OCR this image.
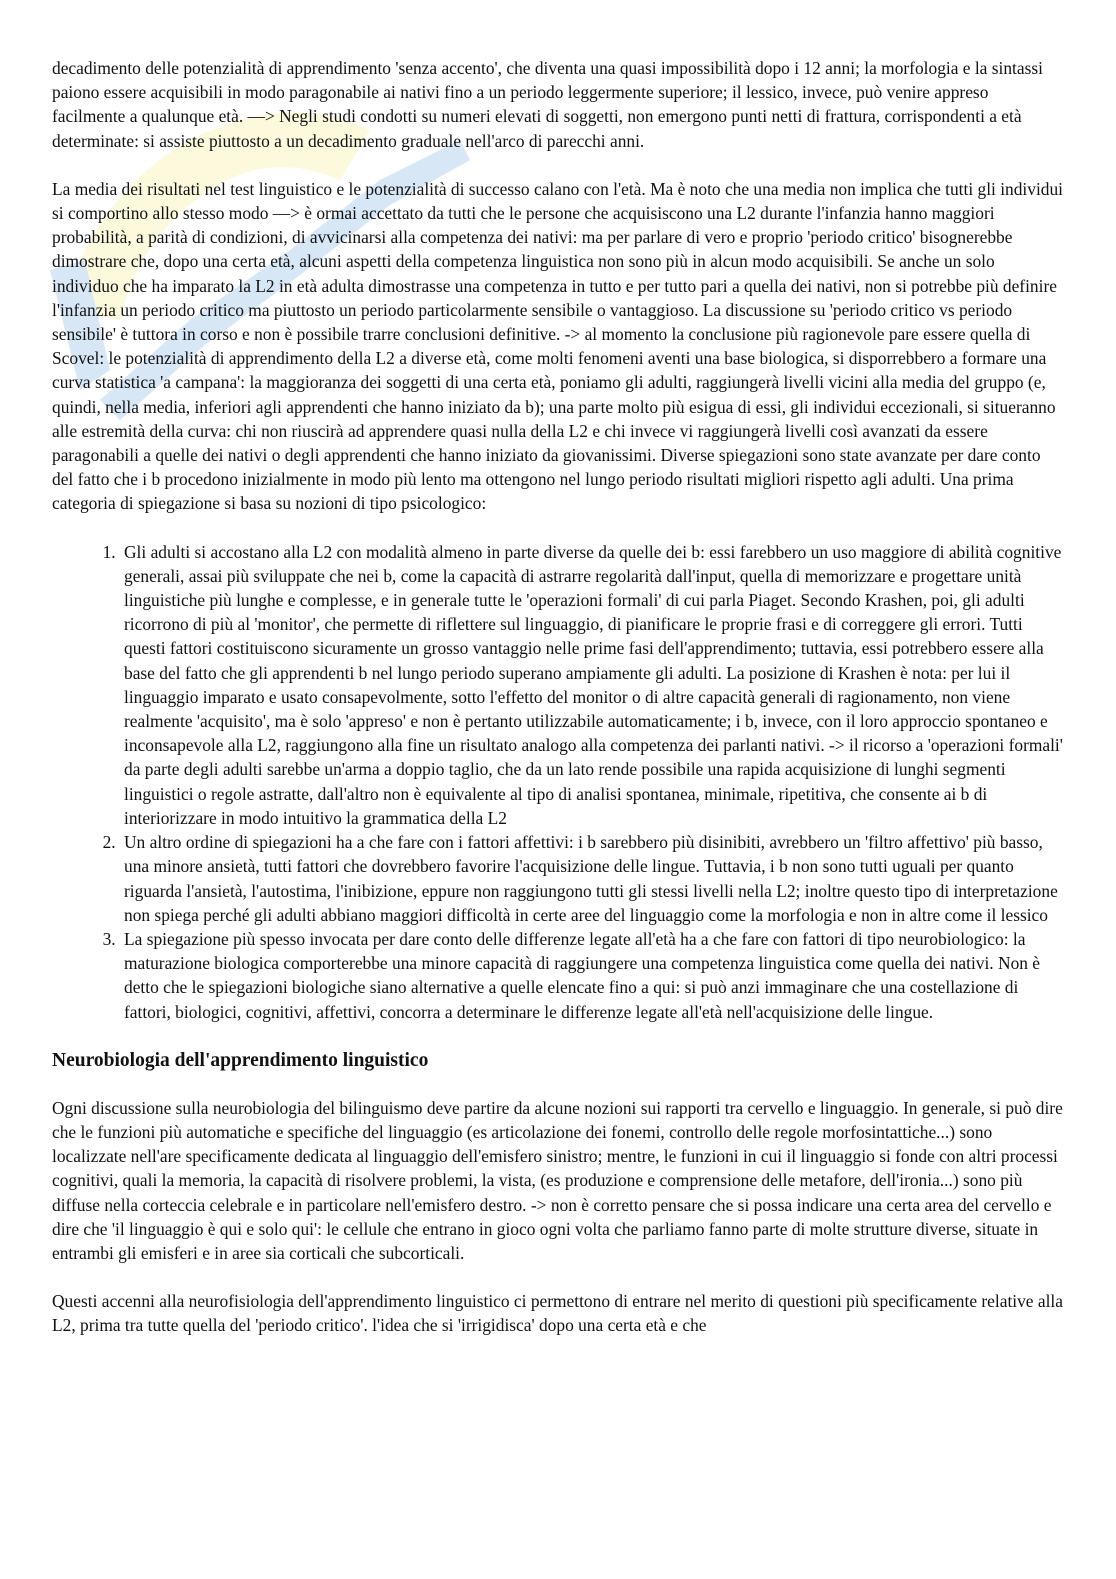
decadimento delle potenzialità di apprendimento 'senza accento', che diventa una quasi impossibilità dopo i 12 anni; la morfologia e la sintassi paiono essere acquisibili in modo paragonabile ai nativi fino a un periodo leggermente superiore; il lessico, invece, può venire appreso facilmente a qualunque età. —> Negli studi condotti su numeri elevati di soggetti, non emergono punti netti di frattura, corrispondenti a età determinate: si assiste piuttosto a un decadimento graduale nell'arco di parecchi anni.

La media dei risultati nel test linguistico e le potenzialità di successo calano con l'età. Ma è noto che una media non implica che tutti gli individui si comportino allo stesso modo —> è ormai accettato da tutti che le persone che acquisiscono una L2 durante l'infanzia hanno maggiori probabilità, a parità di condizioni, di avvicinarsi alla competenza dei nativi: ma per parlare di vero e proprio 'periodo critico' bisognerebbe dimostrare che, dopo una certa età, alcuni aspetti della competenza linguistica non sono più in alcun modo acquisibili. Se anche un solo individuo che ha imparato la L2 in età adulta dimostrasse una competenza in tutto e per tutto pari a quella dei nativi, non si potrebbe più definire l'infanzia un periodo critico ma piuttosto un periodo particolarmente sensibile o vantaggioso. La discussione su 'periodo critico vs periodo sensibile' è tuttora in corso e non è possibile trarre conclusioni definitive. -> al momento la conclusione più ragionevole pare essere quella di Scovel: le potenzialità di apprendimento della L2 a diverse età, come molti fenomeni aventi una base biologica, si disporrebbero a formare una curva statistica 'a campana': la maggioranza dei soggetti di una certa età, poniamo gli adulti, raggiungerà livelli vicini alla media del gruppo (e, quindi, nella media, inferiori agli apprendenti che hanno iniziato da b); una parte molto più esigua di essi, gli individui eccezionali, si situeranno alle estremità della curva: chi non riuscirà ad apprendere quasi nulla della L2 e chi invece vi raggiungerà livelli così avanzati da essere paragonabili a quelle dei nativi o degli apprendenti che hanno iniziato da giovanissimi. Diverse spiegazioni sono state avanzate per dare conto del fatto che i b procedono inizialmente in modo più lento ma ottengono nel lungo periodo risultati migliori rispetto agli adulti. Una prima categoria di spiegazione si basa su nozioni di tipo psicologico:

1. Gli adulti si accostano alla L2 con modalità almeno in parte diverse da quelle dei b: essi farebbero un uso maggiore di abilità cognitive generali, assai più sviluppate che nei b, come la capacità di astrarre regolarità dall'input, quella di memorizzare e progettare unità linguistiche più lunghe e complesse, e in generale tutte le 'operazioni formali' di cui parla Piaget. Secondo Krashen, poi, gli adulti ricorrono di più al 'monitor', che permette di riflettere sul linguaggio, di pianificare le proprie frasi e di correggere gli errori. Tutti questi fattori costituiscono sicuramente un grosso vantaggio nelle prime fasi dell'apprendimento; tuttavia, essi potrebbero essere alla base del fatto che gli apprendenti b nel lungo periodo superano ampiamente gli adulti. La posizione di Krashen è nota: per lui il linguaggio imparato e usato consapevolmente, sotto l'effetto del monitor o di altre capacità generali di ragionamento, non viene realmente 'acquisito', ma è solo 'appreso' e non è pertanto utilizzabile automaticamente; i b, invece, con il loro approccio spontaneo e inconsapevole alla L2, raggiungono alla fine un risultato analogo alla competenza dei parlanti nativi. -> il ricorso a 'operazioni formali' da parte degli adulti sarebbe un'arma a doppio taglio, che da un lato rende possibile una rapida acquisizione di lunghi segmenti linguistici o regole astratte, dall'altro non è equivalente al tipo di analisi spontanea, minimale, ripetitiva, che consente ai b di interiorizzare in modo intuitivo la grammatica della L2
2. Un altro ordine di spiegazioni ha a che fare con i fattori affettivi: i b sarebbero più disinibiti, avrebbero un 'filtro affettivo' più basso, una minore ansietà, tutti fattori che dovrebbero favorire l'acquisizione delle lingue. Tuttavia, i b non sono tutti uguali per quanto riguarda l'ansietà, l'autostima, l'inibizione, eppure non raggiungono tutti gli stessi livelli nella L2; inoltre questo tipo di interpretazione non spiega perché gli adulti abbiano maggiori difficoltà in certe aree del linguaggio come la morfologia e non in altre come il lessico
3. La spiegazione più spesso invocata per dare conto delle differenze legate all'età ha a che fare con fattori di tipo neurobiologico: la maturazione biologica comporterebbe una minore capacità di raggiungere una competenza linguistica come quella dei nativi. Non è detto che le spiegazioni biologiche siano alternative a quelle elencate fino a qui: si può anzi immaginare che una costellazione di fattori, biologici, cognitivi, affettivi, concorra a determinare le differenze legate all'età nell'acquisizione delle lingue.
Neurobiologia dell'apprendimento linguistico

Ogni discussione sulla neurobiologia del bilinguismo deve partire da alcune nozioni sui rapporti tra cervello e linguaggio. In generale, si può dire che le funzioni più automatiche e specifiche del linguaggio (es articolazione dei fonemi, controllo delle regole morfosintattiche...) sono localizzate nell'are specificamente dedicata al linguaggio dell'emisfero sinistro; mentre, le funzioni in cui il linguaggio si fonde con altri processi cognitivi, quali la memoria, la capacità di risolvere problemi, la vista, (es produzione e comprensione delle metafore, dell'ironia...) sono più diffuse nella corteccia celebrale e in particolare nell'emisfero destro. -> non è corretto pensare che si possa indicare una certa area del cervello e dire che 'il linguaggio è qui e solo qui': le cellule che entrano in gioco ogni volta che parliamo fanno parte di molte strutture diverse, situate in entrambi gli emisferi e in aree sia corticali che subcorticali.

Questi accenni alla neurofisiologia dell'apprendimento linguistico ci permettono di entrare nel merito di questioni più specificamente relative alla L2, prima tra tutte quella del 'periodo critico'. l'idea che si 'irrigidisca' dopo una certa età e che
